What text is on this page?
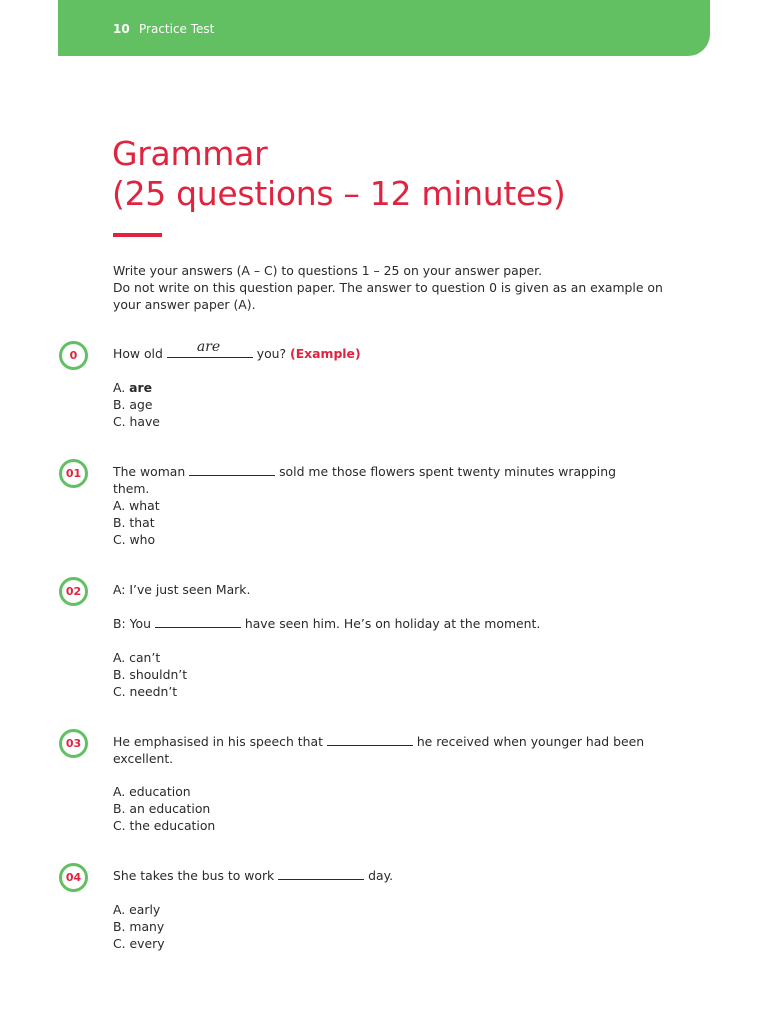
10 Practice Test
Grammar
(25 questions – 12 minutes)
Write your answers (A – C) to questions 1 – 25 on your answer paper.
Do not write on this question paper. The answer to question 0 is given as an example on
your answer paper (A).
0	How old are	you? (Example)
A. are
B. age
C. have
01	The woman	sold me those flowers spent twenty minutes wrapping them.
A. what
B. that
C. who
02	A: I’ve just seen Mark.
B: You	have seen him. He’s on holiday at the moment.
A. can’t
B. shouldn’t
C. needn’t
03	He emphasised in his speech that	he received when younger had been
excellent.
A. education
B. an education
C. the education
04	She takes the bus to work	day.
A. early
B. many
C. every
